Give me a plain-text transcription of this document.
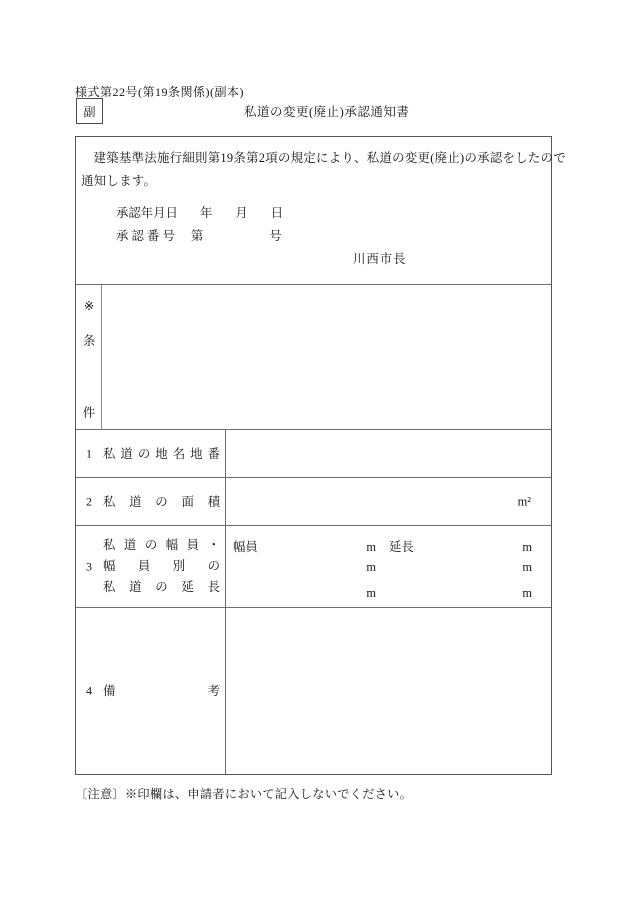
様式第22号(第19条関係)(副本)
副	私道の変更(廃止)承認通知書
建築基準法施行細則第19条第2項の規定により、私道の変更(廃止)の承認をしたので
通知します。
承認年月日 年 月 日
承 認 番 号 第	号
川西市長
※
条
件
1 私 道 の 地 名 地 番
2 私 道 の 面 積	m²
3
私 道 の 幅 員 ・
幅 員 別 の
私 道 の 延 長
幅員	m 延長	m
m	m
m	m
4 備 考
〔注意〕※印欄は、申請者において記入しないでください。
